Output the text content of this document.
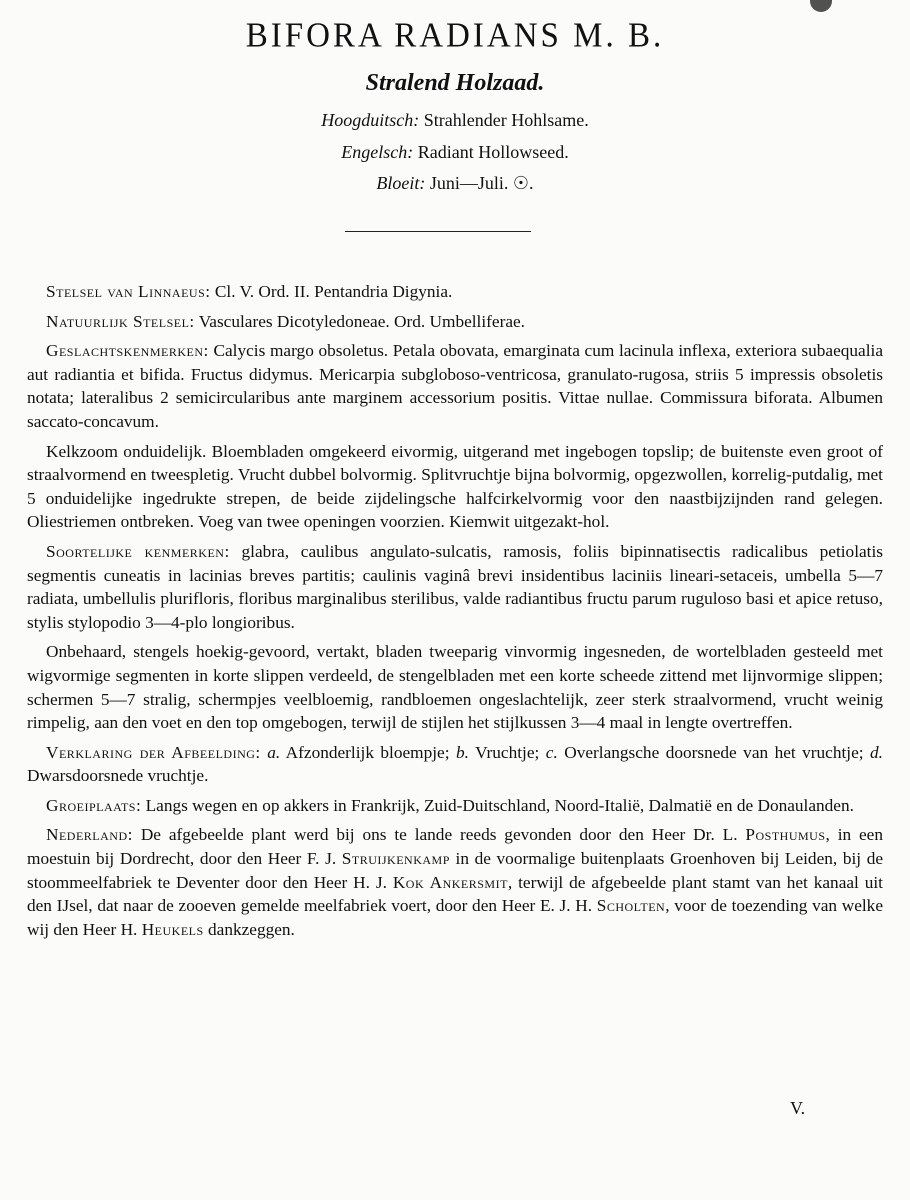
BIFORA RADIANS M. B.
Stralend Holzaad.
Hoogduitsch: Strahlender Hohlsame.
Engelsch: Radiant Hollowseed.
Bloeit: Juni—Juli. ☉.

Stelsel van Linnaeus: Cl. V. Ord. II. Pentandria Digynia.

Natuurlijk Stelsel: Vasculares Dicotyledoneae. Ord. Umbelliferae.

Geslachtskenmerken: Calycis margo obsoletus. Petala obovata, emarginata cum lacinula inflexa, exteriora subaequalia aut radiantia et bifida. Fructus didymus. Mericarpia subgloboso-ventricosa, granulato-rugosa, striis 5 impressis obsoletis notata; lateralibus 2 semicircularibus ante marginem accessorium positis. Vittae nullae. Commissura biforata. Albumen saccato-concavum.

Kelkzoom onduidelijk. Bloembladen omgekeerd eivormig, uitgerand met ingebogen topslip; de buitenste even groot of straalvormend en tweespletig. Vrucht dubbel bolvormig. Splitvruchtje bijna bolvormig, opgezwollen, korrelig-putdalig, met 5 onduidelijke ingedrukte strepen, de beide zijdelingsche halfcirkelvormig voor den naastbijzijnden rand gelegen. Oliestriemen ontbreken. Voeg van twee openingen voorzien. Kiemwit uitgezakt-hol.

Soortelijke kenmerken: glabra, caulibus angulato-sulcatis, ramosis, foliis bipinnatisectis radicalibus petiolatis segmentis cuneatis in lacinias breves partitis; caulinis vaginâ brevi insidentibus laciniis lineari-setaceis, umbella 5—7 radiata, umbellulis plurifloris, floribus marginalibus sterilibus, valde radiantibus fructu parum ruguloso basi et apice retuso, stylis stylopodio 3—4-plo longioribus.

Onbehaard, stengels hoekig-gevoord, vertakt, bladen tweeparig vinvormig ingesneden, de wortelbladen gesteeld met wigvormige segmenten in korte slippen verdeeld, de stengelbladen met een korte scheede zittend met lijnvormige slippen; schermen 5—7 stralig, schermpjes veelbloemig, randbloemen ongeslachtelijk, zeer sterk straalvormend, vrucht weinig rimpelig, aan den voet en den top omgebogen, terwijl de stijlen het stijlkussen 3—4 maal in lengte overtreffen.

Verklaring der Afbeelding: a. Afzonderlijk bloempje; b. Vruchtje; c. Overlangsche doorsnede van het vruchtje; d. Dwarsdoorsnede vruchtje.

Groeiplaats: Langs wegen en op akkers in Frankrijk, Zuid-Duitschland, Noord-Italië, Dalmatië en de Donaulanden.

Nederland: De afgebeelde plant werd bij ons te lande reeds gevonden door den Heer Dr. L. Posthumus, in een moestuin bij Dordrecht, door den Heer F. J. Struijkenkamp in de voormalige buitenplaats Groenhoven bij Leiden, bij de stoommeelfabriek te Deventer door den Heer H. J. Kok Ankersmit, terwijl de afgebeelde plant stamt van het kanaal uit den IJsel, dat naar de zooeven gemelde meelfabriek voert, door den Heer E. J. H. Scholten, voor de toezending van welke wij den Heer H. Heukels dankzeggen.

V.
